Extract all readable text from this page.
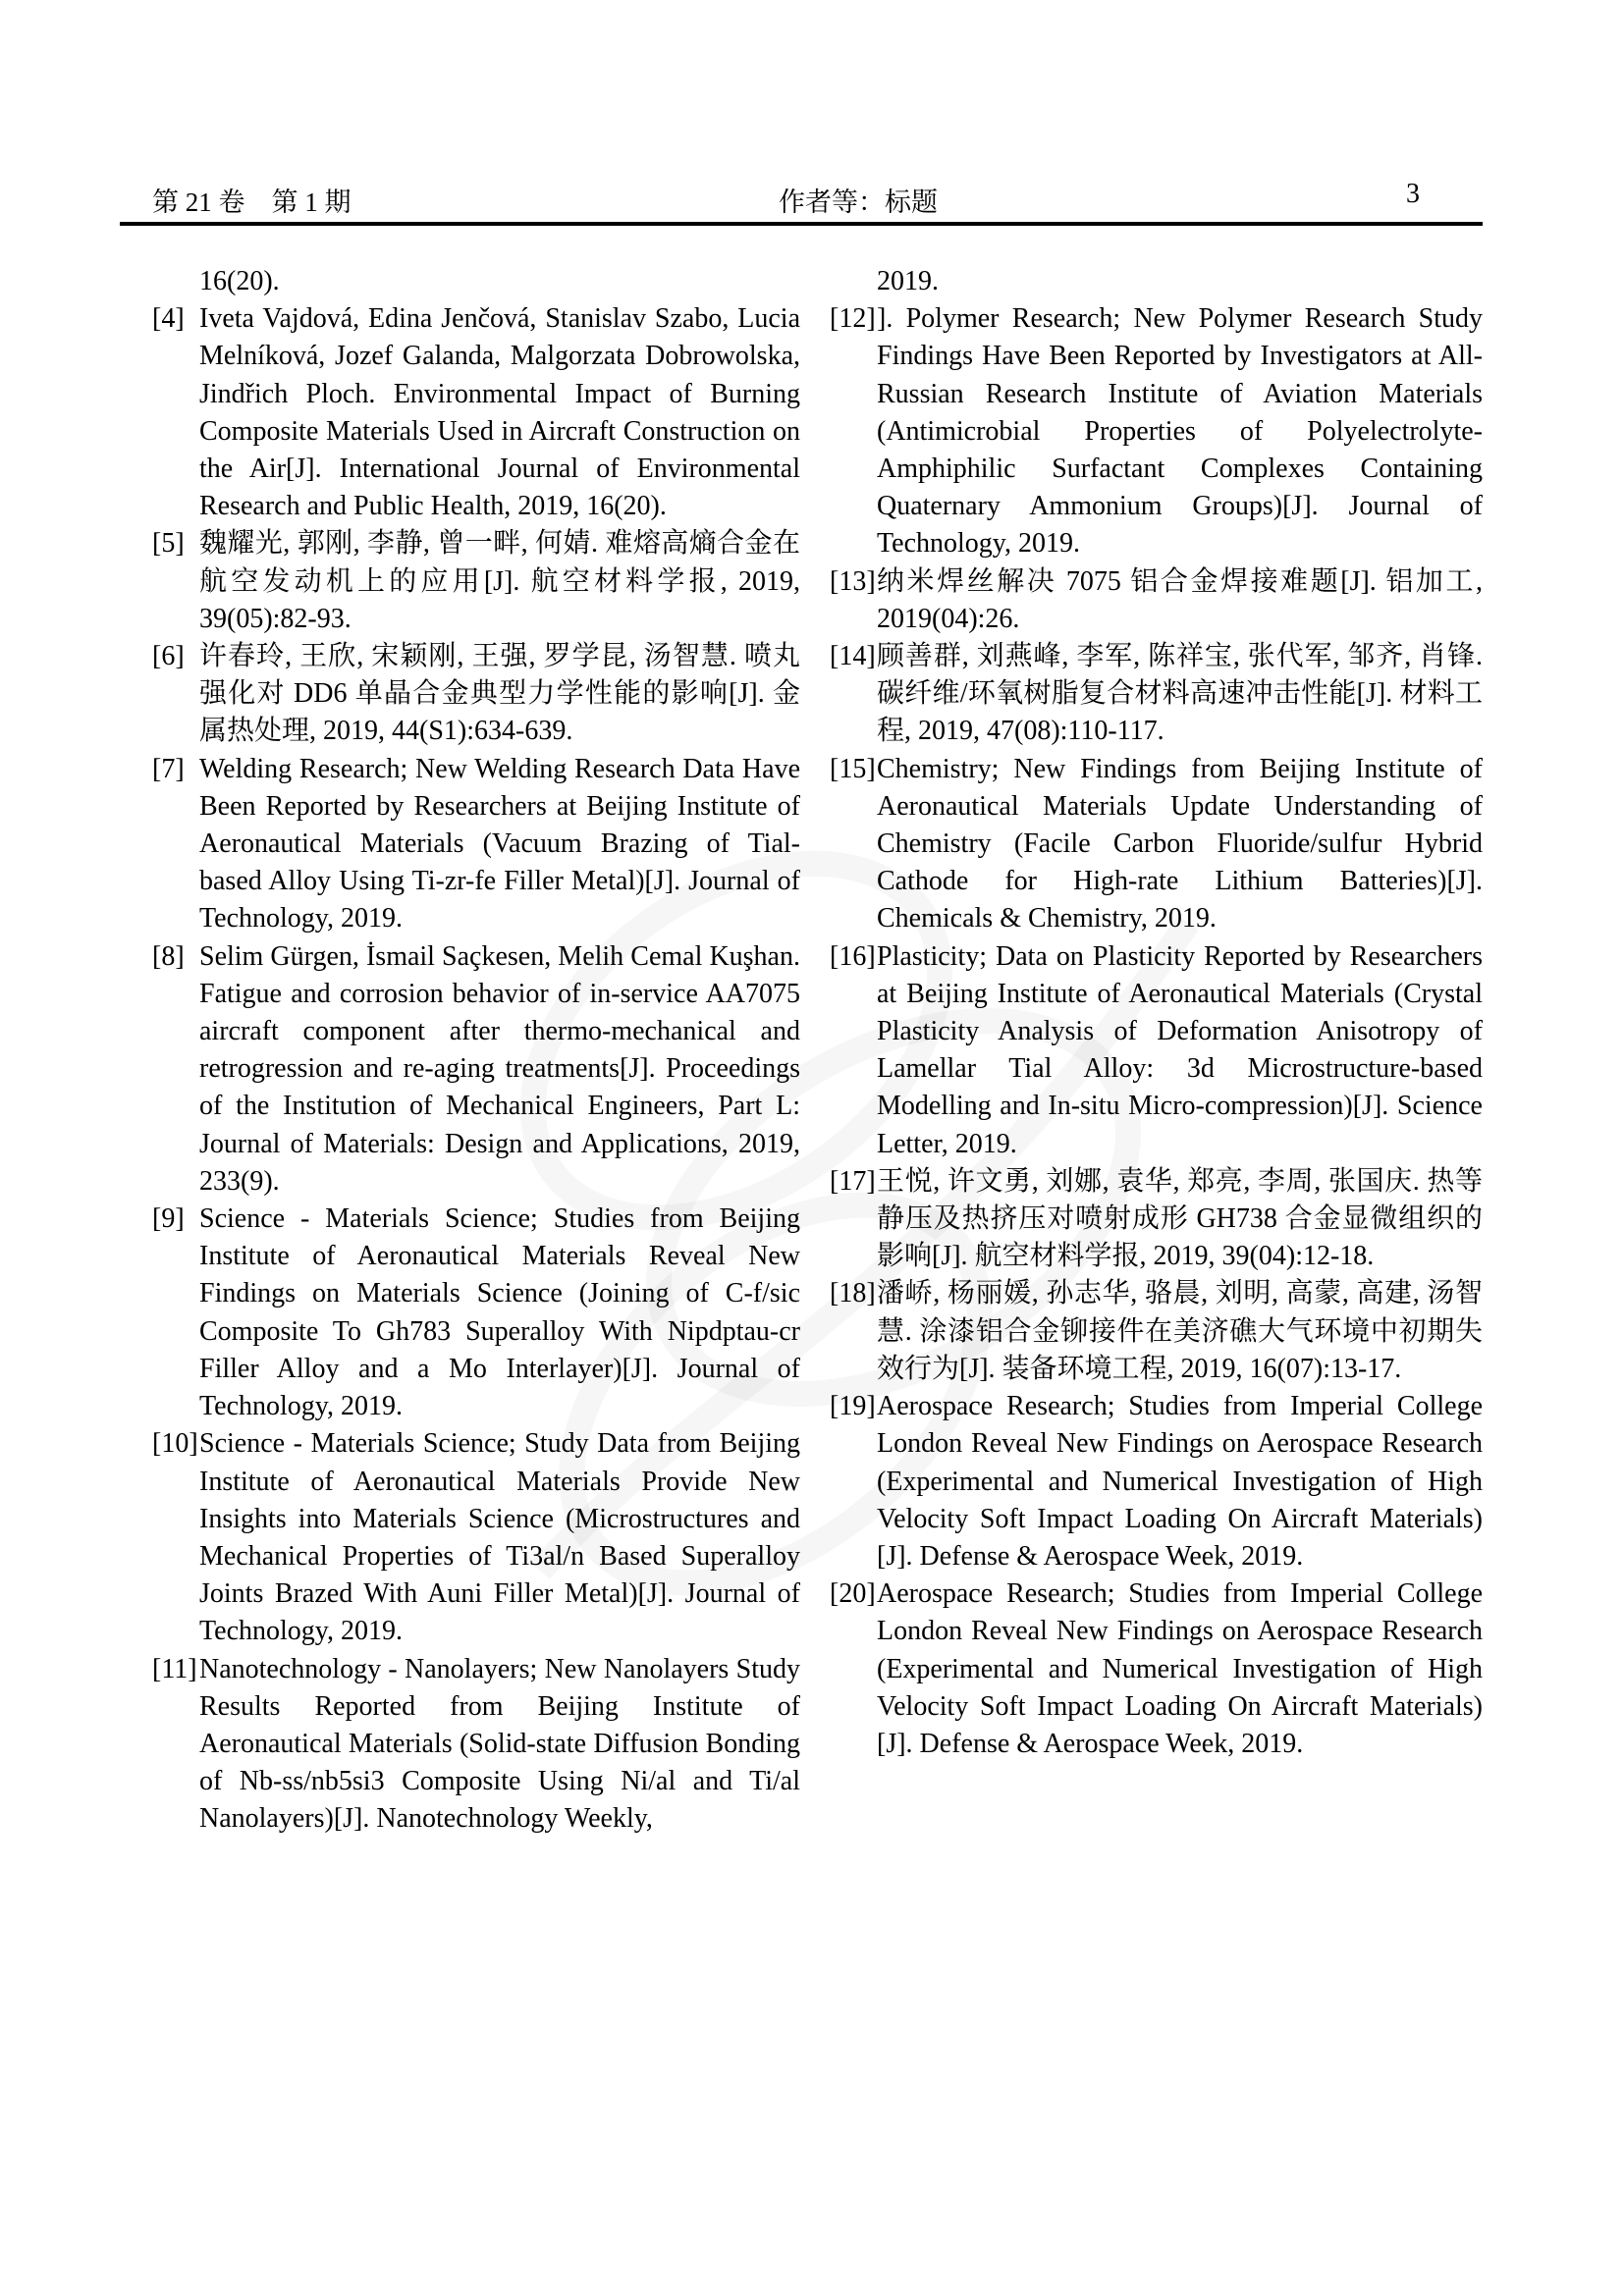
第 21 卷　第 1 期	作者等：标题	3
16(20).
[4] Iveta Vajdová, Edina Jenčová, Stanislav Szabo, Lucia Melníková, Jozef Galanda, Malgorzata Dobrowolska, Jindřich Ploch. Environmental Impact of Burning Composite Materials Used in Aircraft Construction on the Air[J]. International Journal of Environmental Research and Public Health, 2019, 16(20).
[5] 魏耀光, 郭刚, 李静, 曾一畔, 何婧. 难熔高熵合金在航空发动机上的应用[J]. 航空材料学报, 2019, 39(05):82-93.
[6] 许春玲, 王欣, 宋颖刚, 王强, 罗学昆, 汤智慧. 喷丸强化对 DD6 单晶合金典型力学性能的影响[J]. 金属热处理, 2019, 44(S1):634-639.
[7] Welding Research; New Welding Research Data Have Been Reported by Researchers at Beijing Institute of Aeronautical Materials (Vacuum Brazing of Tial-based Alloy Using Ti-zr-fe Filler Metal)[J]. Journal of Technology, 2019.
[8] Selim Gürgen, İsmail Saçkesen, Melih Cemal Kuşhan. Fatigue and corrosion behavior of in-service AA7075 aircraft component after thermo-mechanical and retrogression and re-aging treatments[J]. Proceedings of the Institution of Mechanical Engineers, Part L: Journal of Materials: Design and Applications, 2019, 233(9).
[9] Science - Materials Science; Studies from Beijing Institute of Aeronautical Materials Reveal New Findings on Materials Science (Joining of C-f/sic Composite To Gh783 Superalloy With Nipdptau-cr Filler Alloy and a Mo Interlayer)[J]. Journal of Technology, 2019.
[10] Science - Materials Science; Study Data from Beijing Institute of Aeronautical Materials Provide New Insights into Materials Science (Microstructures and Mechanical Properties of Ti3al/n Based Superalloy Joints Brazed With Auni Filler Metal)[J]. Journal of Technology, 2019.
[11] Nanotechnology - Nanolayers; New Nanolayers Study Results Reported from Beijing Institute of Aeronautical Materials (Solid-state Diffusion Bonding of Nb-ss/nb5si3 Composite Using Ni/al and Ti/al Nanolayers)[J]. Nanotechnology Weekly,
2019.
[12] ]. Polymer Research; New Polymer Research Study Findings Have Been Reported by Investigators at All-Russian Research Institute of Aviation Materials (Antimicrobial Properties of Polyelectrolyte-Amphiphilic Surfactant Complexes Containing Quaternary Ammonium Groups)[J]. Journal of Technology, 2019.
[13] 纳米焊丝解决 7075 铝合金焊接难题[J]. 铝加工, 2019(04):26.
[14] 顾善群, 刘燕峰, 李军, 陈祥宝, 张代军, 邹齐, 肖锋. 碳纤维/环氧树脂复合材料高速冲击性能[J]. 材料工程, 2019, 47(08):110-117.
[15] Chemistry; New Findings from Beijing Institute of Aeronautical Materials Update Understanding of Chemistry (Facile Carbon Fluoride/sulfur Hybrid Cathode for High-rate Lithium Batteries)[J]. Chemicals & Chemistry, 2019.
[16] Plasticity; Data on Plasticity Reported by Researchers at Beijing Institute of Aeronautical Materials (Crystal Plasticity Analysis of Deformation Anisotropy of Lamellar Tial Alloy: 3d Microstructure-based Modelling and In-situ Micro-compression)[J]. Science Letter, 2019.
[17] 王悦, 许文勇, 刘娜, 袁华, 郑亮, 李周, 张国庆. 热等静压及热挤压对喷射成形 GH738 合金显微组织的影响[J]. 航空材料学报, 2019, 39(04):12-18.
[18] 潘峤, 杨丽媛, 孙志华, 骆晨, 刘明, 高蒙, 高建, 汤智慧. 涂漆铝合金铆接件在美济礁大气环境中初期失效行为[J]. 装备环境工程, 2019, 16(07):13-17.
[19] Aerospace Research; Studies from Imperial College London Reveal New Findings on Aerospace Research (Experimental and Numerical Investigation of High Velocity Soft Impact Loading On Aircraft Materials)[J]. Defense & Aerospace Week, 2019.
[20] Aerospace Research; Studies from Imperial College London Reveal New Findings on Aerospace Research (Experimental and Numerical Investigation of High Velocity Soft Impact Loading On Aircraft Materials)[J]. Defense & Aerospace Week, 2019.
